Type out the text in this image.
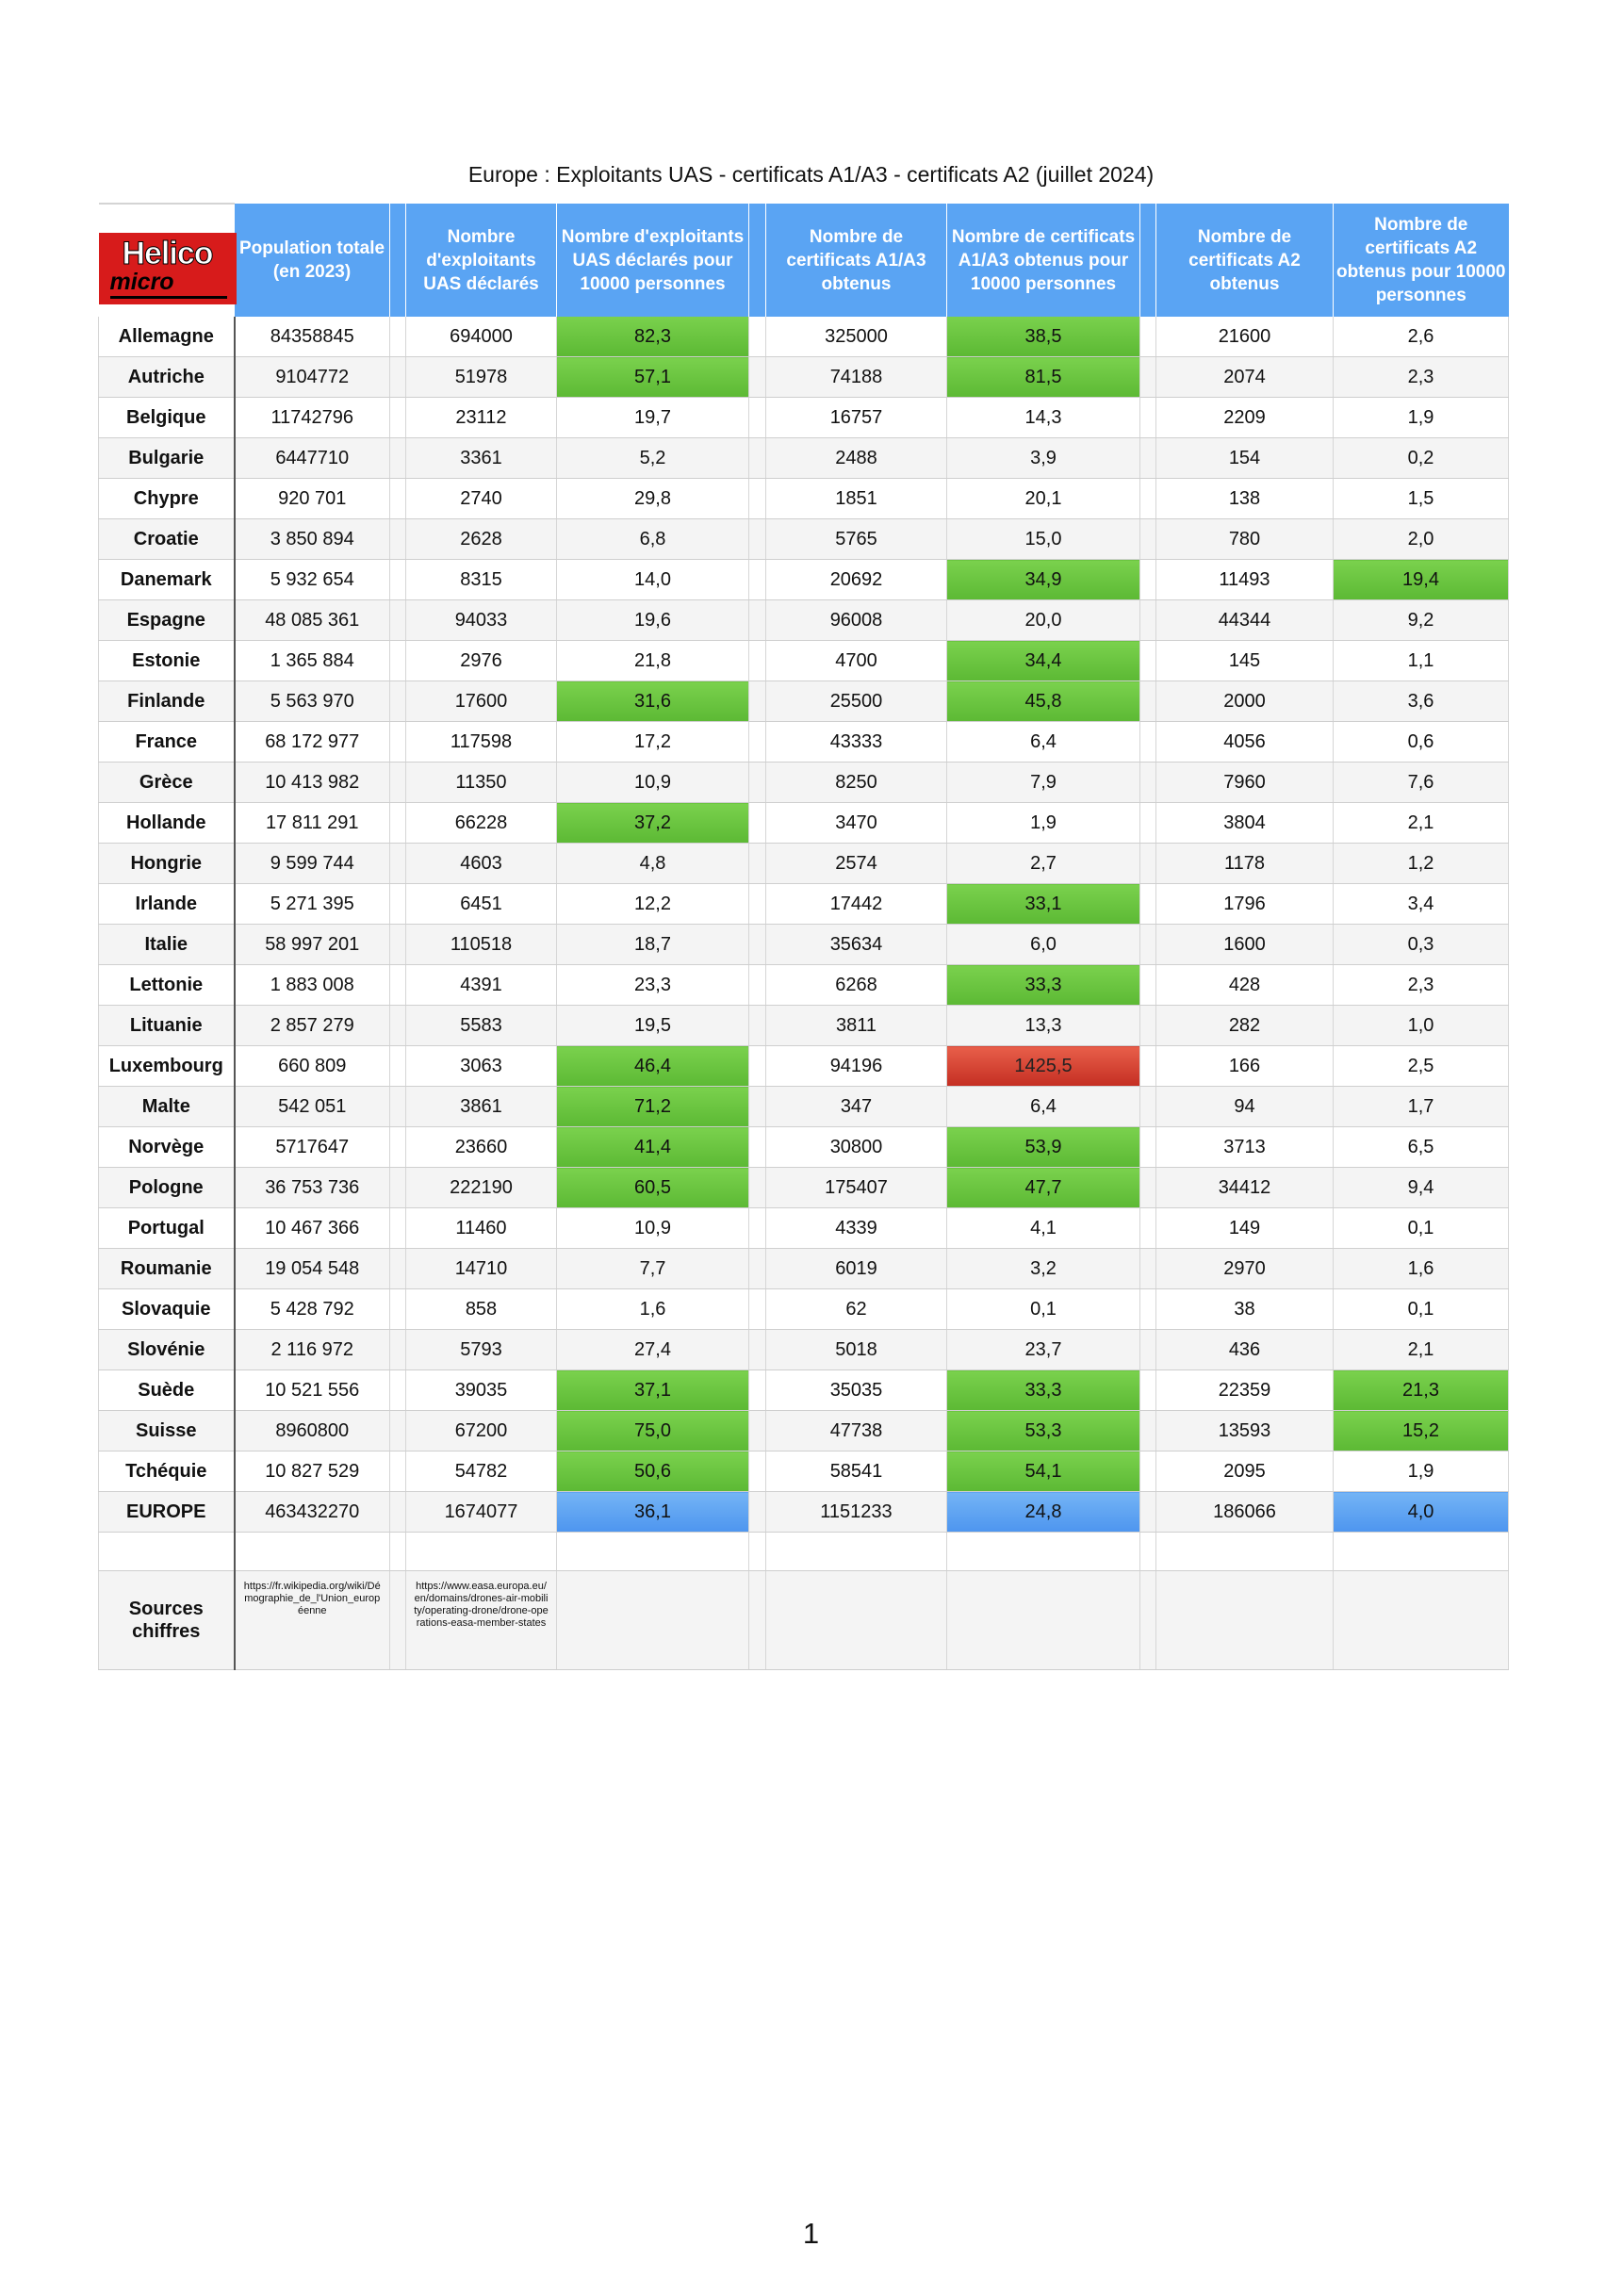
Europe : Exploitants UAS - certificats A1/A3 - certificats A2 (juillet 2024)
Helico
micro	Population totale (en 2023)		Nombre d'exploitants UAS déclarés	Nombre d'exploitants UAS déclarés pour 10000 personnes		Nombre de certificats A1/A3 obtenus	Nombre de certificats A1/A3 obtenus pour 10000 personnes		Nombre de certificats A2 obtenus	Nombre de certificats A2 obtenus pour 10000 personnes
Allemagne	84358845		694000	82,3		325000	38,5		21600	2,6
Autriche	9104772		51978	57,1		74188	81,5		2074	2,3
Belgique	11742796		23112	19,7		16757	14,3		2209	1,9
Bulgarie	6447710		3361	5,2		2488	3,9		154	0,2
Chypre	920 701		2740	29,8		1851	20,1		138	1,5
Croatie	3 850 894		2628	6,8		5765	15,0		780	2,0
Danemark	5 932 654		8315	14,0		20692	34,9		11493	19,4
Espagne	48 085 361		94033	19,6		96008	20,0		44344	9,2
Estonie	1 365 884		2976	21,8		4700	34,4		145	1,1
Finlande	5 563 970		17600	31,6		25500	45,8		2000	3,6
France	68 172 977		117598	17,2		43333	6,4		4056	0,6
Grèce	10 413 982		11350	10,9		8250	7,9		7960	7,6
Hollande	17 811 291		66228	37,2		3470	1,9		3804	2,1
Hongrie	9 599 744		4603	4,8		2574	2,7		1178	1,2
Irlande	5 271 395		6451	12,2		17442	33,1		1796	3,4
Italie	58 997 201		110518	18,7		35634	6,0		1600	0,3
Lettonie	1 883 008		4391	23,3		6268	33,3		428	2,3
Lituanie	2 857 279		5583	19,5		3811	13,3		282	1,0
Luxembourg	660 809		3063	46,4		94196	1425,5		166	2,5
Malte	542 051		3861	71,2		347	6,4		94	1,7
Norvège	5717647		23660	41,4		30800	53,9		3713	6,5
Pologne	36 753 736		222190	60,5		175407	47,7		34412	9,4
Portugal	10 467 366		11460	10,9		4339	4,1		149	0,1
Roumanie	19 054 548		14710	7,7		6019	3,2		2970	1,6
Slovaquie	5 428 792		858	1,6		62	0,1		38	0,1
Slovénie	2 116 972		5793	27,4		5018	23,7		436	2,1
Suède	10 521 556		39035	37,1		35035	33,3		22359	21,3
Suisse	8960800		67200	75,0		47738	53,3		13593	15,2
Tchéquie	10 827 529		54782	50,6		58541	54,1		2095	1,9
EUROPE	463432270		1674077	36,1		1151233	24,8		186066	4,0

Sources chiffres	https://fr.wikipedia.org/wiki/Démographie_de_l'Union_européenne		https://www.easa.europa.eu/en/domains/drones-air-mobility/operating-drone/drone-operations-easa-member-states							

1
